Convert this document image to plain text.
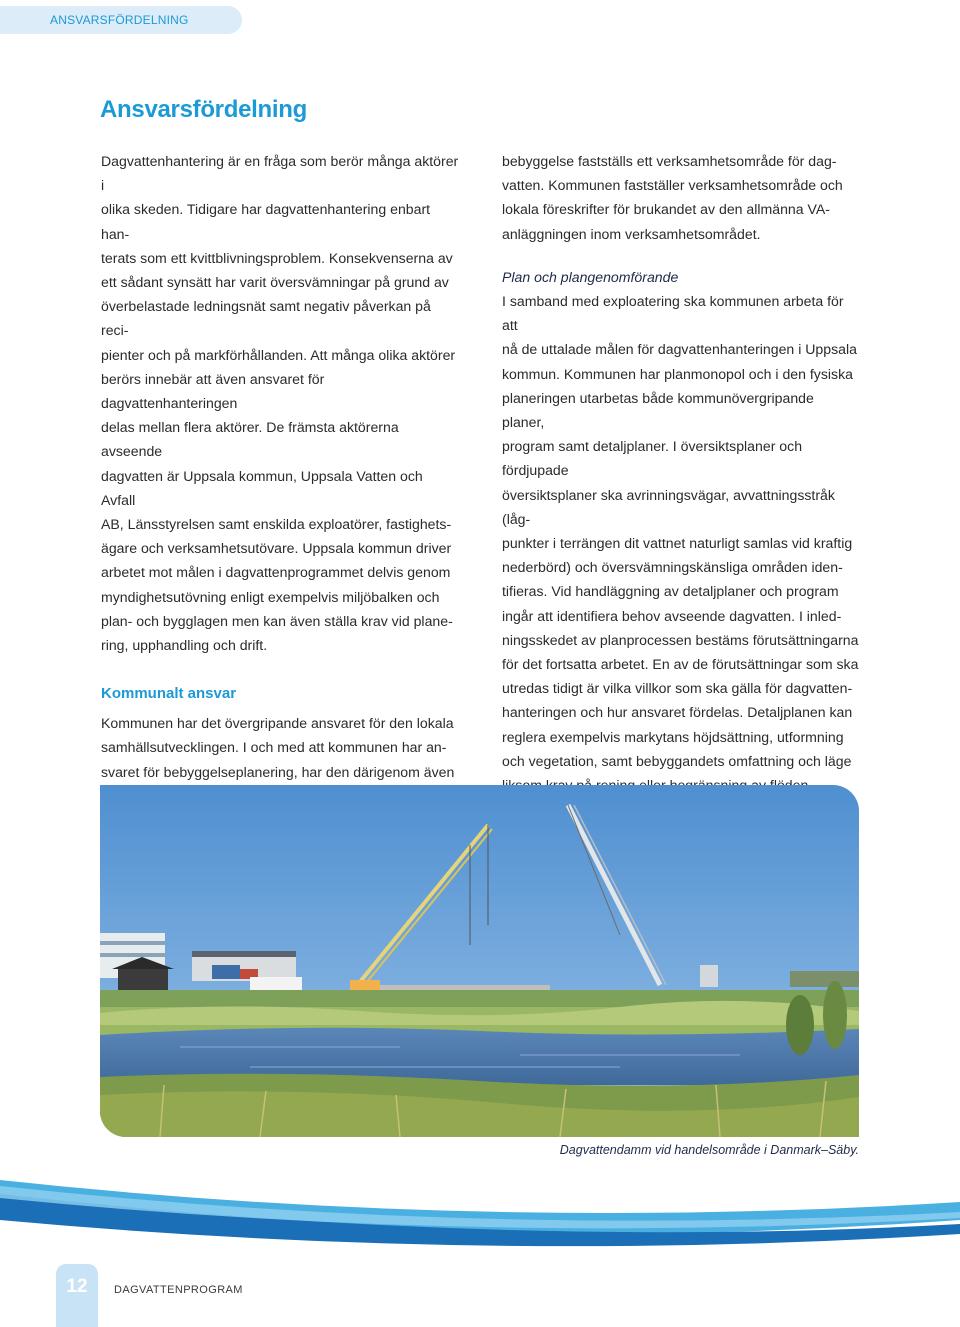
ANSVARSFÖRDELNING
Ansvarsfördelning

Dagvattenhantering är en fråga som berör många aktörer i
olika skeden. Tidigare har dagvattenhantering enbart han-
terats som ett kvittblivningsproblem. Konsekvenserna av
ett sådant synsätt har varit översvämningar på grund av
överbelastade ledningsnät samt negativ påverkan på reci-
pienter och på markförhållanden. Att många olika aktörer
berörs innebär att även ansvaret för dagvattenhanteringen
delas mellan flera aktörer. De främsta aktörerna avseende
dagvatten är Uppsala kommun, Uppsala Vatten och Avfall
AB, Länsstyrelsen samt enskilda exploatörer, fastighets-
ägare och verksamhetsutövare. Uppsala kommun driver
arbetet mot målen i dagvattenprogrammet delvis genom
myndighetsutövning enligt exempelvis miljöbalken och
plan- och bygglagen men kan även ställa krav vid plane-
ring, upphandling och drift.

Kommunalt ansvar

Kommunen har det övergripande ansvaret för den lokala
samhällsutvecklingen. I och med att kommunen har an-
svaret för bebyggelseplanering, har den därigenom även

bebyggelse fastställs ett verksamhetsområde för dag-
vatten. Kommunen fastställer verksamhetsområde och
lokala föreskrifter för brukandet av den allmänna VA-
anläggningen inom verksamhetsområdet.

Plan och plangenomförande

I samband med exploatering ska kommunen arbeta för att
nå de uttalade målen för dagvattenhanteringen i Uppsala
kommun. Kommunen har planmonopol och i den fysiska
planeringen utarbetas både kommunövergripande planer,
program samt detaljplaner. I översiktsplaner och fördjupade
översiktsplaner ska avrinningsvägar, avvattningsstråk (låg-
punkter i terrängen dit vattnet naturligt samlas vid kraftig
nederbörd) och översvämningskänsliga områden iden-
tifieras. Vid handläggning av detaljplaner och program
ingår att identifiera behov avseende dagvatten. I inled-
ningsskedet av planprocessen bestäms förutsättningarna
för det fortsatta arbetet. En av de förutsättningar som ska
utredas tidigt är vilka villkor som ska gälla för dagvatten-
hanteringen och hur ansvaret fördelas. Detaljplanen kan
reglera exempelvis markytans höjdsättning, utformning
och vegetation, samt bebyggandets omfattning och läge

Dagvattendamm vid handelsområde i Danmark–Säby.
12	DAGVATTENPROGRAM
